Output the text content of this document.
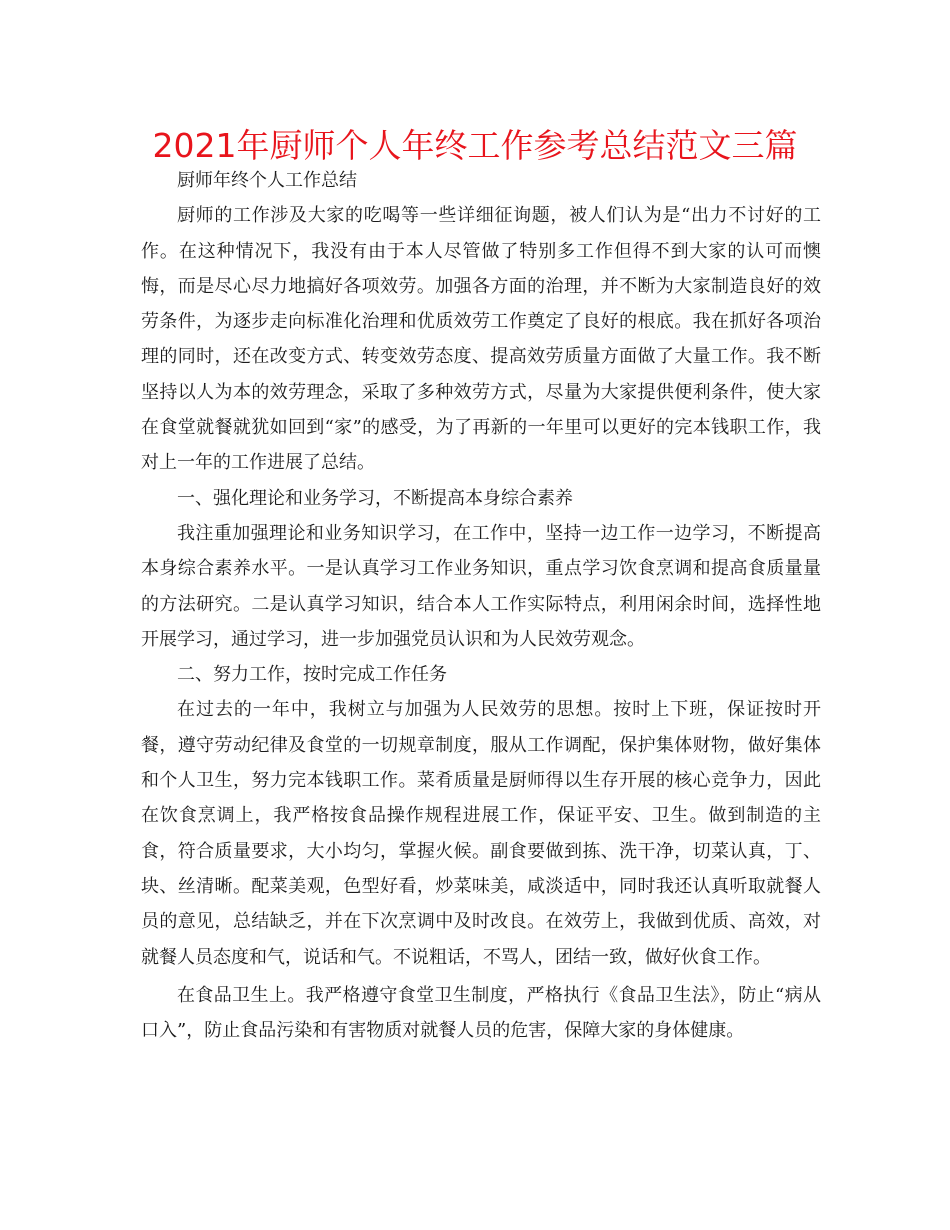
2021年厨师个人年终工作参考总结范文三篇

厨师年终个人工作总结

厨师的工作涉及大家的吃喝等一些详细征询题，被人们认为是“出力不讨好的工作。在这种情况下，我没有由于本人尽管做了特别多工作但得不到大家的认可而懊悔，而是尽心尽力地搞好各项效劳。加强各方面的治理，并不断为大家制造良好的效劳条件，为逐步走向标准化治理和优质效劳工作奠定了良好的根底。我在抓好各项治理的同时，还在改变方式、转变效劳态度、提高效劳质量方面做了大量工作。我不断坚持以人为本的效劳理念，采取了多种效劳方式，尽量为大家提供便利条件，使大家在食堂就餐就犹如回到“家”的感受，为了再新的一年里可以更好的完本钱职工作，我对上一年的工作进展了总结。

一、强化理论和业务学习，不断提高本身综合素养

我注重加强理论和业务知识学习，在工作中，坚持一边工作一边学习，不断提高本身综合素养水平。一是认真学习工作业务知识，重点学习饮食烹调和提高食质量量的方法研究。二是认真学习知识，结合本人工作实际特点，利用闲余时间，选择性地开展学习，通过学习，进一步加强党员认识和为人民效劳观念。

二、努力工作，按时完成工作任务

在过去的一年中，我树立与加强为人民效劳的思想。按时上下班，保证按时开餐，遵守劳动纪律及食堂的一切规章制度，服从工作调配，保护集体财物，做好集体和个人卫生，努力完本钱职工作。菜肴质量是厨师得以生存开展的核心竞争力，因此在饮食烹调上，我严格按食品操作规程进展工作，保证平安、卫生。做到制造的主食，符合质量要求，大小均匀，掌握火候。副食要做到拣、洗干净，切菜认真，丁、块、丝清晰。配菜美观，色型好看，炒菜味美，咸淡适中，同时我还认真听取就餐人员的意见，总结缺乏，并在下次烹调中及时改良。在效劳上，我做到优质、高效，对就餐人员态度和气，说话和气。不说粗话，不骂人，团结一致，做好伙食工作。

在食品卫生上。我严格遵守食堂卫生制度，严格执行《食品卫生法》，防止“病从口入”，防止食品污染和有害物质对就餐人员的危害，保障大家的身体健康。
